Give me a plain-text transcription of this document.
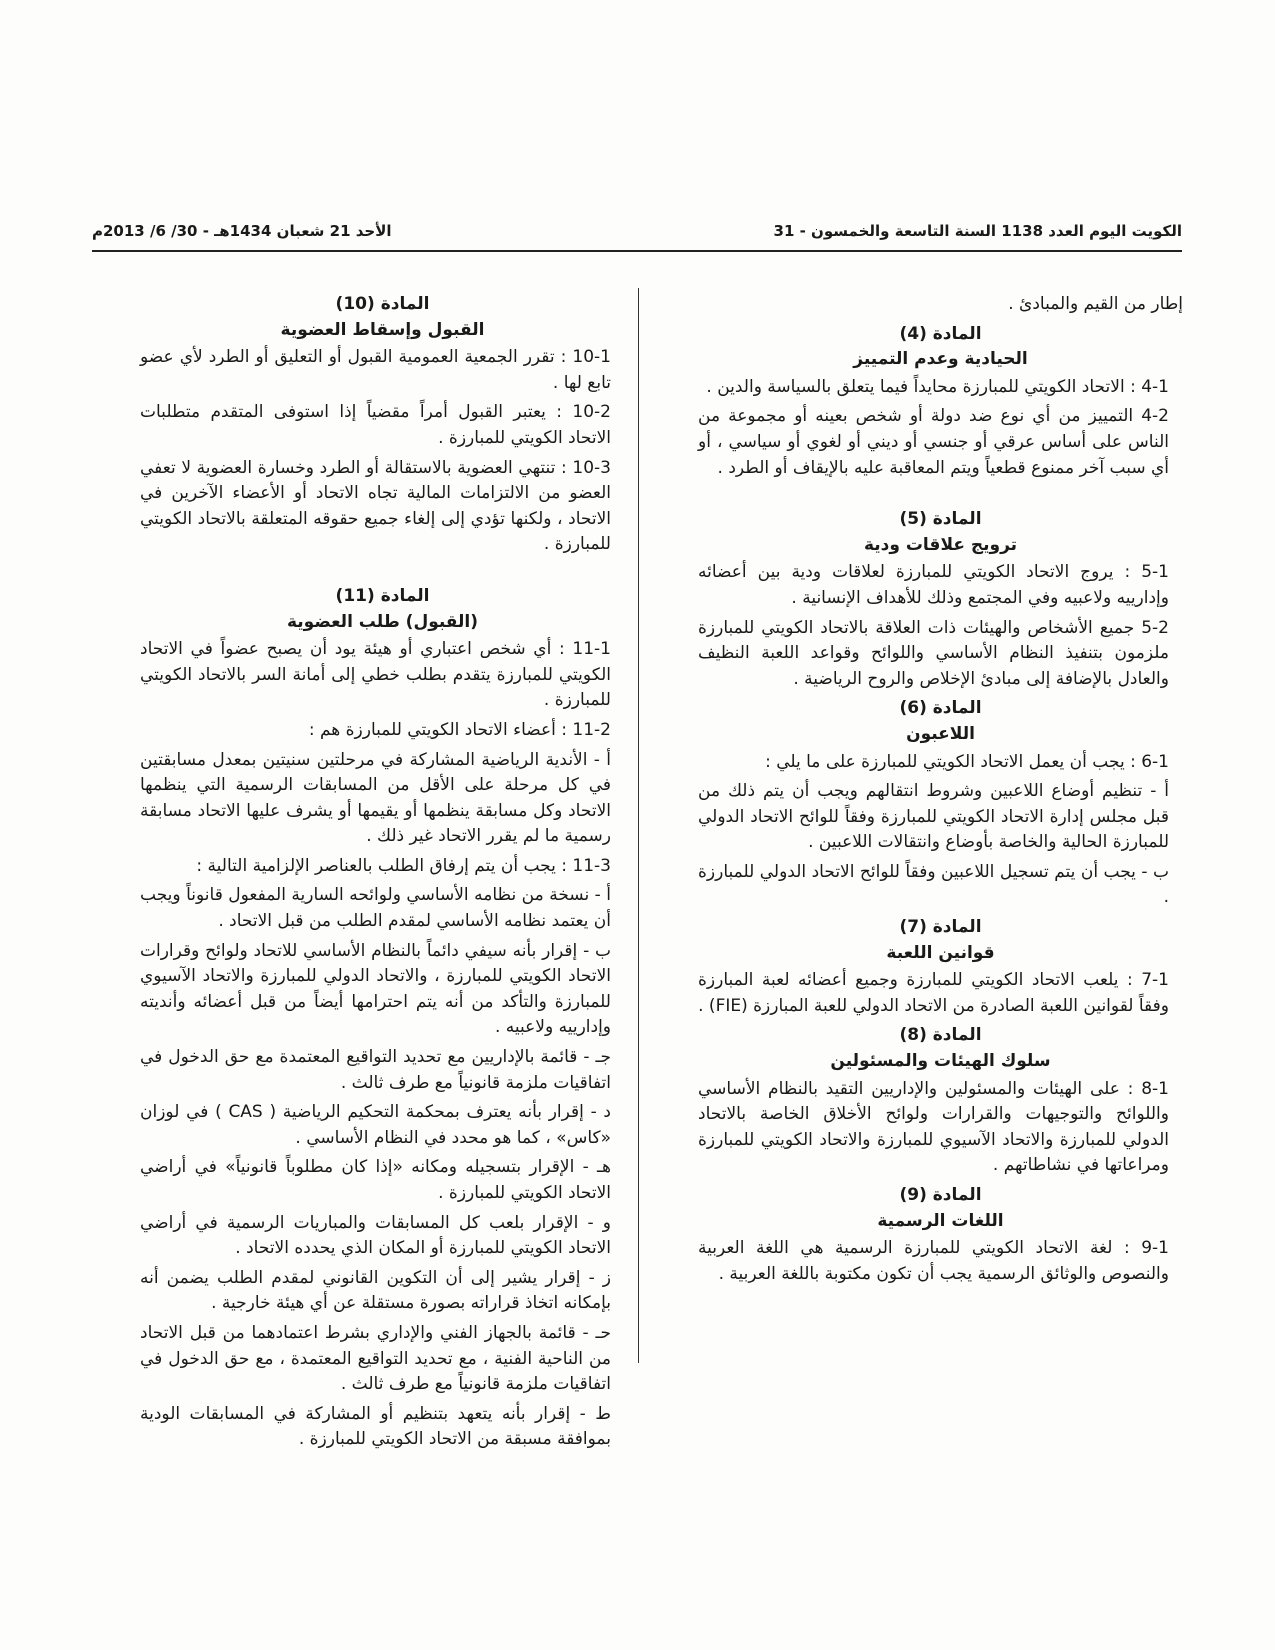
الكويت اليوم العدد 1138 السنة التاسعة والخمسون - 31
الأحد 21 شعبان 1434هـ - 30/ 6/ 2013م

إطار من القيم والمبادئ .

المادة (4)

الحيادية وعدم التمييز

4-1 : الاتحاد الكويتي للمبارزة محايداً فيما يتعلق بالسياسة والدين .

4-2 التمييز من أي نوع ضد دولة أو شخص بعينه أو مجموعة من الناس على أساس عرقي أو جنسي أو ديني أو لغوي أو سياسي ، أو أي سبب آخر ممنوع قطعياً ويتم المعاقبة عليه بالإيقاف أو الطرد .

المادة (5)

ترويج علاقات ودية

5-1 : يروج الاتحاد الكويتي للمبارزة لعلاقات ودية بين أعضائه وإدارييه ولاعبيه وفي المجتمع وذلك للأهداف الإنسانية .

5-2 جميع الأشخاص والهيئات ذات العلاقة بالاتحاد الكويتي للمبارزة ملزمون بتنفيذ النظام الأساسي واللوائح وقواعد اللعبة النظيف والعادل بالإضافة إلى مبادئ الإخلاص والروح الرياضية .

المادة (6)

اللاعبون

6-1 : يجب أن يعمل الاتحاد الكويتي للمبارزة على ما يلي :

أ - تنظيم أوضاع اللاعبين وشروط انتقالهم ويجب أن يتم ذلك من قبل مجلس إدارة الاتحاد الكويتي للمبارزة وفقاً للوائح الاتحاد الدولي للمبارزة الحالية والخاصة بأوضاع وانتقالات اللاعبين .

ب - يجب أن يتم تسجيل اللاعبين وفقاً للوائح الاتحاد الدولي للمبارزة .

المادة (7)

قوانين اللعبة

7-1 : يلعب الاتحاد الكويتي للمبارزة وجميع أعضائه لعبة المبارزة وفقاً لقوانين اللعبة الصادرة من الاتحاد الدولي للعبة المبارزة (FIE) .

المادة (8)

سلوك الهيئات والمسئولين

8-1 : على الهيئات والمسئولين والإداريين التقيد بالنظام الأساسي واللوائح والتوجيهات والقرارات ولوائح الأخلاق الخاصة بالاتحاد الدولي للمبارزة والاتحاد الآسيوي للمبارزة والاتحاد الكويتي للمبارزة ومراعاتها في نشاطاتهم .

المادة (9)

اللغات الرسمية

9-1 : لغة الاتحاد الكويتي للمبارزة الرسمية هي اللغة العربية والنصوص والوثائق الرسمية يجب أن تكون مكتوبة باللغة العربية .

المادة (10)

القبول وإسقاط العضوية

10-1 : تقرر الجمعية العمومية القبول أو التعليق أو الطرد لأي عضو تابع لها .

10-2 : يعتبر القبول أمراً مقضياً إذا استوفى المتقدم متطلبات الاتحاد الكويتي للمبارزة .

10-3 : تنتهي العضوية بالاستقالة أو الطرد وخسارة العضوية لا تعفي العضو من الالتزامات المالية تجاه الاتحاد أو الأعضاء الآخرين في الاتحاد ، ولكنها تؤدي إلى إلغاء جميع حقوقه المتعلقة بالاتحاد الكويتي للمبارزة .

المادة (11)

(القبول) طلب العضوية

11-1 : أي شخص اعتباري أو هيئة يود أن يصبح عضواً في الاتحاد الكويتي للمبارزة يتقدم بطلب خطي إلى أمانة السر بالاتحاد الكويتي للمبارزة .

11-2 : أعضاء الاتحاد الكويتي للمبارزة هم :

أ - الأندية الرياضية المشاركة في مرحلتين سنيتين بمعدل مسابقتين في كل مرحلة على الأقل من المسابقات الرسمية التي ينظمها الاتحاد وكل مسابقة ينظمها أو يقيمها أو يشرف عليها الاتحاد مسابقة رسمية ما لم يقرر الاتحاد غير ذلك .

11-3 : يجب أن يتم إرفاق الطلب بالعناصر الإلزامية التالية :

أ - نسخة من نظامه الأساسي ولوائحه السارية المفعول قانوناً ويجب أن يعتمد نظامه الأساسي لمقدم الطلب من قبل الاتحاد .

ب - إقرار بأنه سيفي دائماً بالنظام الأساسي للاتحاد ولوائح وقرارات الاتحاد الكويتي للمبارزة ، والاتحاد الدولي للمبارزة والاتحاد الآسيوي للمبارزة والتأكد من أنه يتم احترامها أيضاً من قبل أعضائه وأنديته وإدارييه ولاعبيه .

جـ - قائمة بالإداريين مع تحديد التواقيع المعتمدة مع حق الدخول في اتفاقيات ملزمة قانونياً مع طرف ثالث .

د - إقرار بأنه يعترف بمحكمة التحكيم الرياضية ( CAS ) في لوزان «كاس» ، كما هو محدد في النظام الأساسي .

هـ - الإقرار بتسجيله ومكانه «إذا كان مطلوباً قانونياً» في أراضي الاتحاد الكويتي للمبارزة .

و - الإقرار بلعب كل المسابقات والمباريات الرسمية في أراضي الاتحاد الكويتي للمبارزة أو المكان الذي يحدده الاتحاد .

ز - إقرار يشير إلى أن التكوين القانوني لمقدم الطلب يضمن أنه بإمكانه اتخاذ قراراته بصورة مستقلة عن أي هيئة خارجية .

حـ - قائمة بالجهاز الفني والإداري بشرط اعتمادهما من قبل الاتحاد من الناحية الفنية ، مع تحديد التواقيع المعتمدة ، مع حق الدخول في اتفاقيات ملزمة قانونياً مع طرف ثالث .

ط - إقرار بأنه يتعهد بتنظيم أو المشاركة في المسابقات الودية بموافقة مسبقة من الاتحاد الكويتي للمبارزة .
